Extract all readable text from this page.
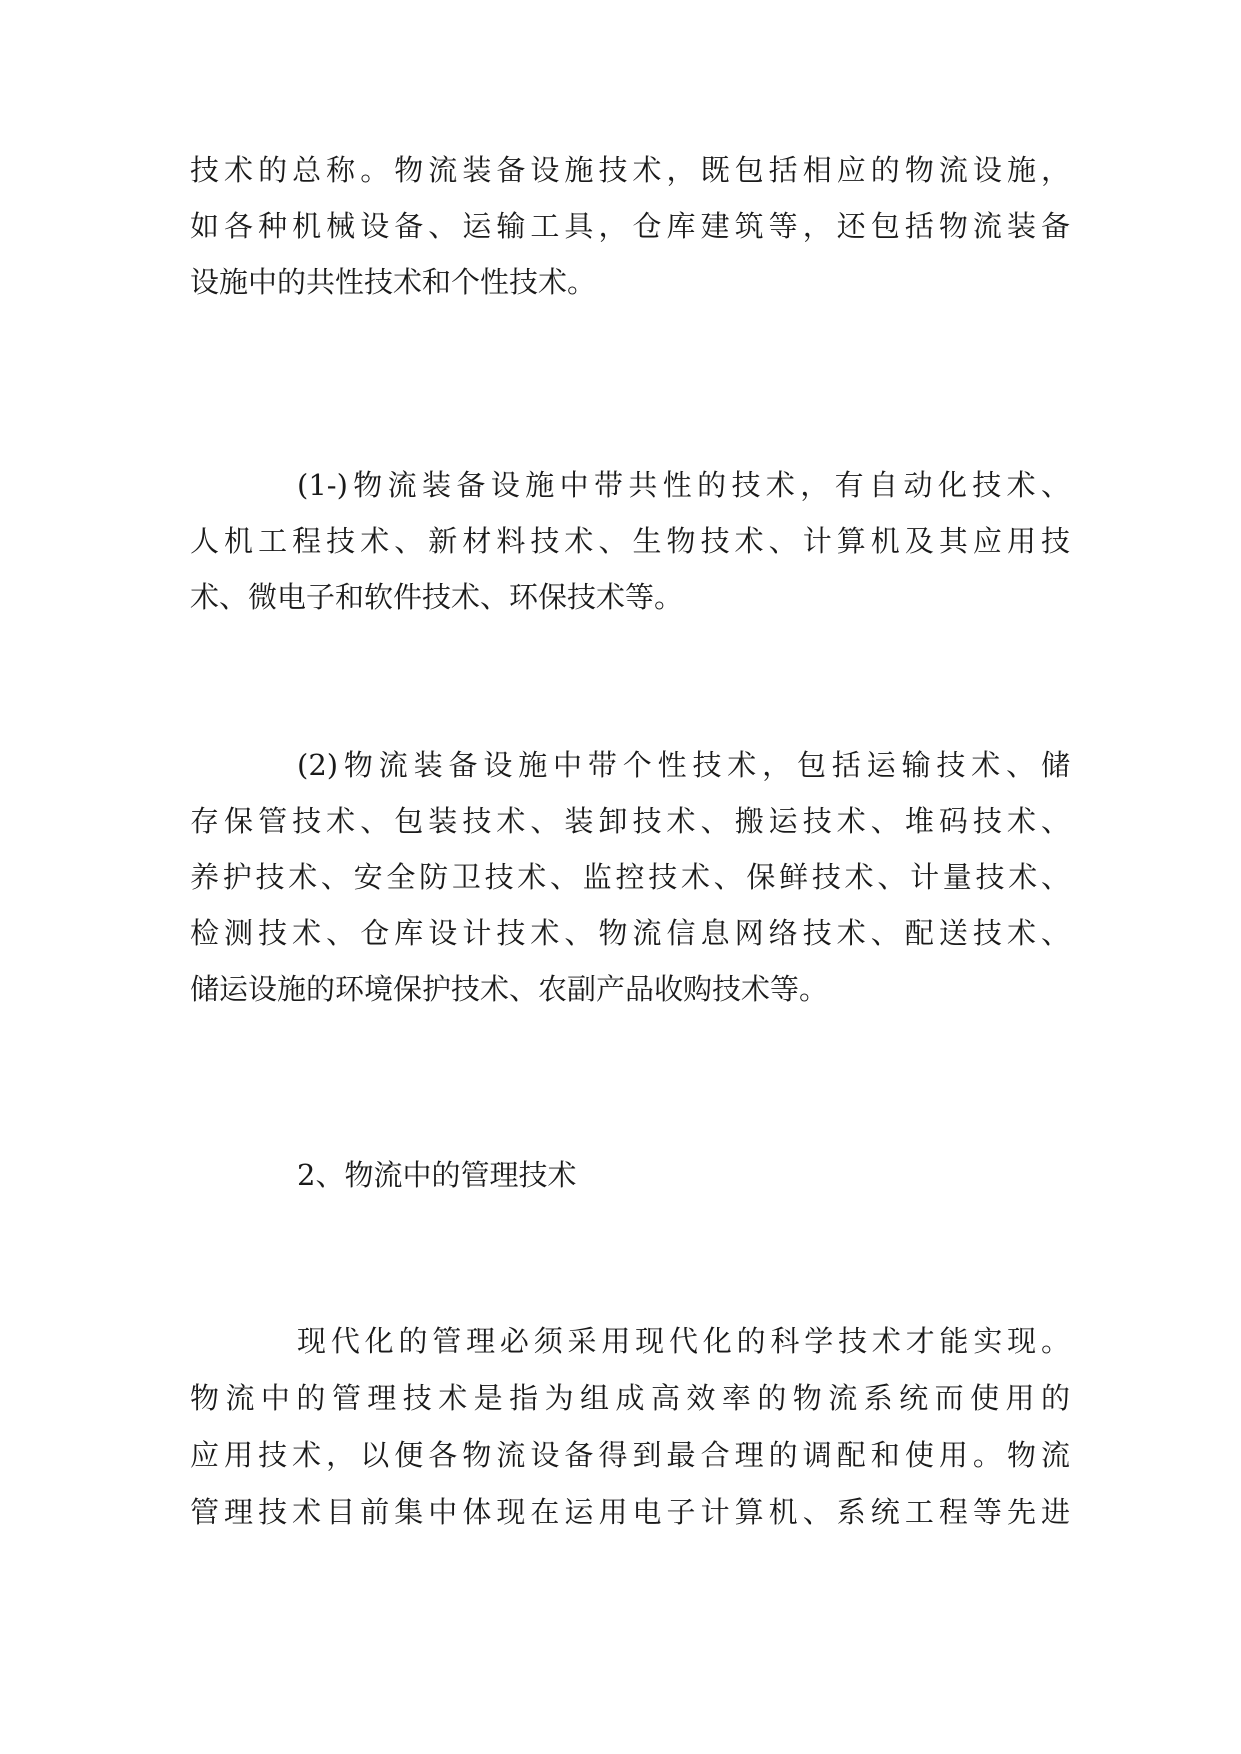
技术的总称。物流装备设施技术，既包括相应的物流设施，
如各种机械设备、运输工具，仓库建筑等，还包括物流装备
设施中的共性技术和个性技术。
(1-)物流装备设施中带共性的技术，有自动化技术、
人机工程技术、新材料技术、生物技术、计算机及其应用技
术、微电子和软件技术、环保技术等。
(2)物流装备设施中带个性技术，包括运输技术、储
存保管技术、包装技术、装卸技术、搬运技术、堆码技术、
养护技术、安全防卫技术、监控技术、保鲜技术、计量技术、
检测技术、仓库设计技术、物流信息网络技术、配送技术、
储运设施的环境保护技术、农副产品收购技术等。
2、物流中的管理技术
现代化的管理必须采用现代化的科学技术才能实现。
物流中的管理技术是指为组成高效率的物流系统而使用的
应用技术，以便各物流设备得到最合理的调配和使用。物流
管理技术目前集中体现在运用电子计算机、系统工程等先进
